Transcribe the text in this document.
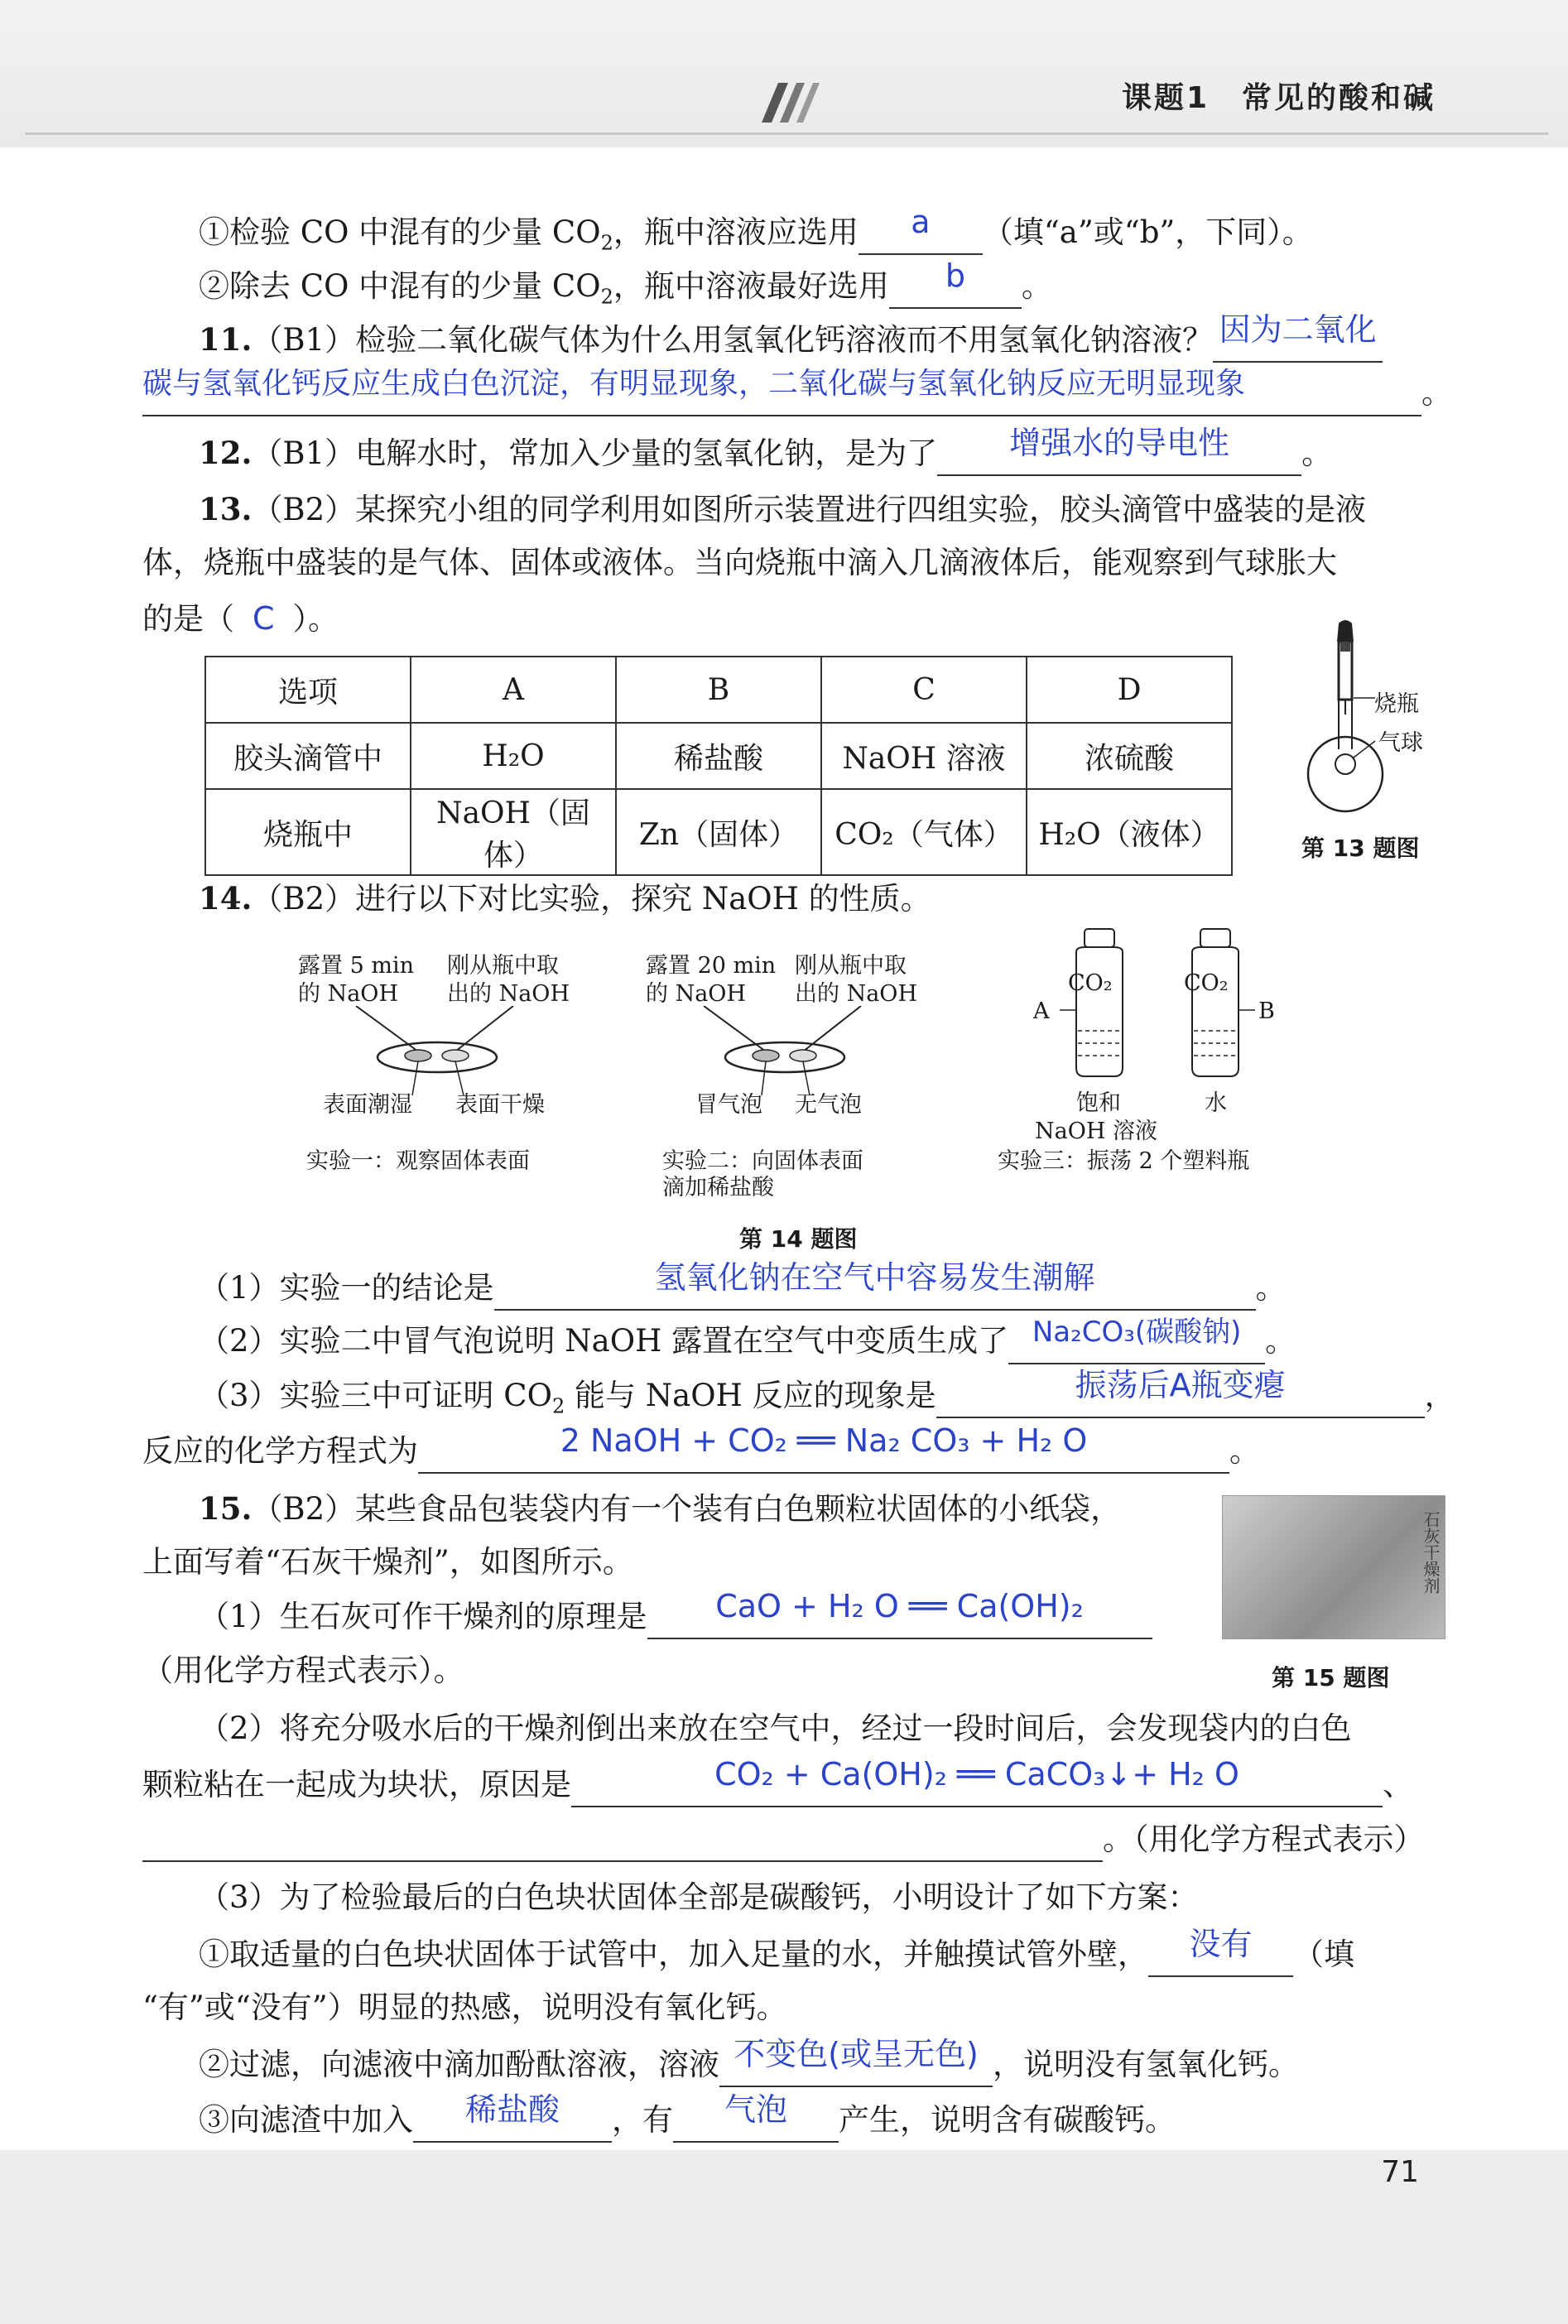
课题1　常见的酸和碱
①检验 CO 中混有的少量 $CO_2$，瓶中溶液应选用 a （填“a”或“b”，下同）。
②除去 CO 中混有的少量 $CO_2$，瓶中溶液最好选用 b 。
11.（B1）检验二氧化碳气体为什么用氢氧化钙溶液而不用氢氧化钠溶液？ 因为二氧化
碳与氢氧化钙反应生成白色沉淀，有明显现象，二氧化碳与氢氧化钠反应无明显现象	。
12.（B1）电解水时，常加入少量的氢氧化钠，是为了 增强水的导电性 。
13.（B2）某探究小组的同学利用如图所示装置进行四组实验，胶头滴管中盛装的是液
体，烧瓶中盛装的是气体、固体或液体。当向烧瓶中滴入几滴液体后，能观察到气球胀大
的是（ C ）。
选项	A	B	C	D
胶头滴管中	H₂O	稀盐酸	NaOH 溶液	浓硫酸
烧瓶中	NaOH（固体）	Zn（固体）	CO₂（气体）	H₂O（液体）
烧瓶
气球
第 13 题图
14.（B2）进行以下对比实验，探究 NaOH 的性质。
露置 5 min
的 NaOH
刚从瓶中取
出的 NaOH
表面潮湿 表面干燥
实验一：观察固体表面
露置 20 min
的 NaOH
刚从瓶中取
出的 NaOH
冒气泡 无气泡
实验二：向固体表面
滴加稀盐酸
CO₂	CO₂
A	B
饱和
NaOH 溶液
水
实验三：振荡 2 个塑料瓶
第 14 题图
（1）实验一的结论是	氢氧化钠在空气中容易发生潮解	。
（2）实验二中冒气泡说明 NaOH 露置在空气中变质生成了 Na₂CO₃(碳酸钠) 。
（3）实验三中可证明 $CO_2$ 能与 NaOH 反应的现象是	振荡后A瓶变瘪	，
反应的化学方程式为	2 NaOH + CO₂ ══ Na₂ CO₃ + H₂ O	。
15.（B2）某些食品包装袋内有一个装有白色颗粒状固体的小纸袋，
上面写着“石灰干燥剂”，如图所示。	石灰干燥剂
第 15 题图
（1）生石灰可作干燥剂的原理是 CaO + H₂ O ══ Ca(OH)₂
（用化学方程式表示）。
（2）将充分吸水后的干燥剂倒出来放在空气中，经过一段时间后，会发现袋内的白色
颗粒粘在一起成为块状，原因是	CO₂ + Ca(OH)₂ ══ CaCO₃↓+ H₂ O	、
。（用化学方程式表示）
（3）为了检验最后的白色块状固体全部是碳酸钙，小明设计了如下方案：
①取适量的白色块状固体于试管中，加入足量的水，并触摸试管外壁， 没有 （填
“有”或“没有”）明显的热感，说明没有氧化钙。
②过滤，向滤液中滴加酚酞溶液，溶液 不变色(或呈无色) ，说明没有氢氧化钙。
③向滤渣中加入 稀盐酸 ，有 气泡 产生，说明含有碳酸钙。
71
